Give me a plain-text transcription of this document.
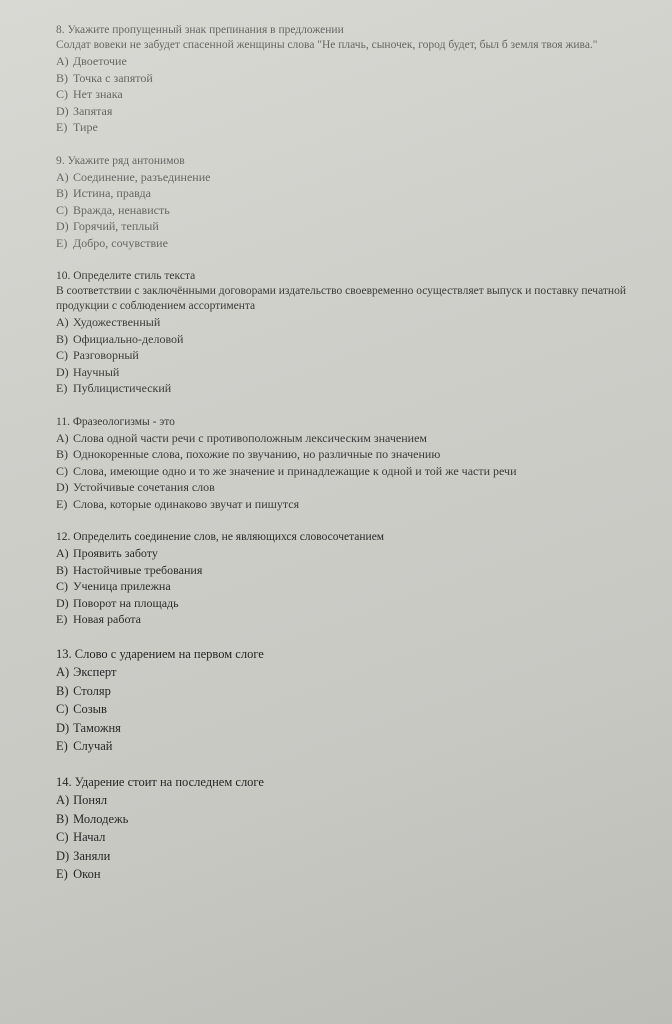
8. Укажите пропущенный знак препинания в предложении

Солдат вовеки не забудет спасенной женщины слова "Не плачь, сыночек, город будет, был б земля твоя жива."

A) Двоеточие
B) Точка с запятой
C) Нет знака
D) Запятая
E) Тире

9. Укажите ряд антонимов

A) Соединение, разъединение
B) Истина, правда
C) Вражда, ненависть
D) Горячий, теплый
E) Добро, сочувствие

10. Определите стиль текста

В соответствии с заключёнными договорами издательство своевременно осуществляет выпуск и поставку печатной продукции с соблюдением ассортимента

A) Художественный
B) Официально-деловой
C) Разговорный
D) Научный
E) Публицистический

11. Фразеологизмы - это

A) Слова одной части речи с противоположным лексическим значением
B) Однокоренные слова, похожие по звучанию, но различные по значению
C) Слова, имеющие одно и то же значение и принадлежащие к одной и той же части речи
D) Устойчивые сочетания слов
E) Слова, которые одинаково звучат и пишутся

12. Определить соединение слов, не являющихся словосочетанием

A) Проявить заботу
B) Настойчивые требования
C) Ученица прилежна
D) Поворот на площадь
E) Новая работа

13. Слово с ударением на первом слоге

A) Эксперт
B) Столяр
C) Созыв
D) Таможня
E) Случай

14. Ударение стоит на последнем слоге

A) Понял
B) Молодежь
C) Начал
D) Заняли
E) Окон
